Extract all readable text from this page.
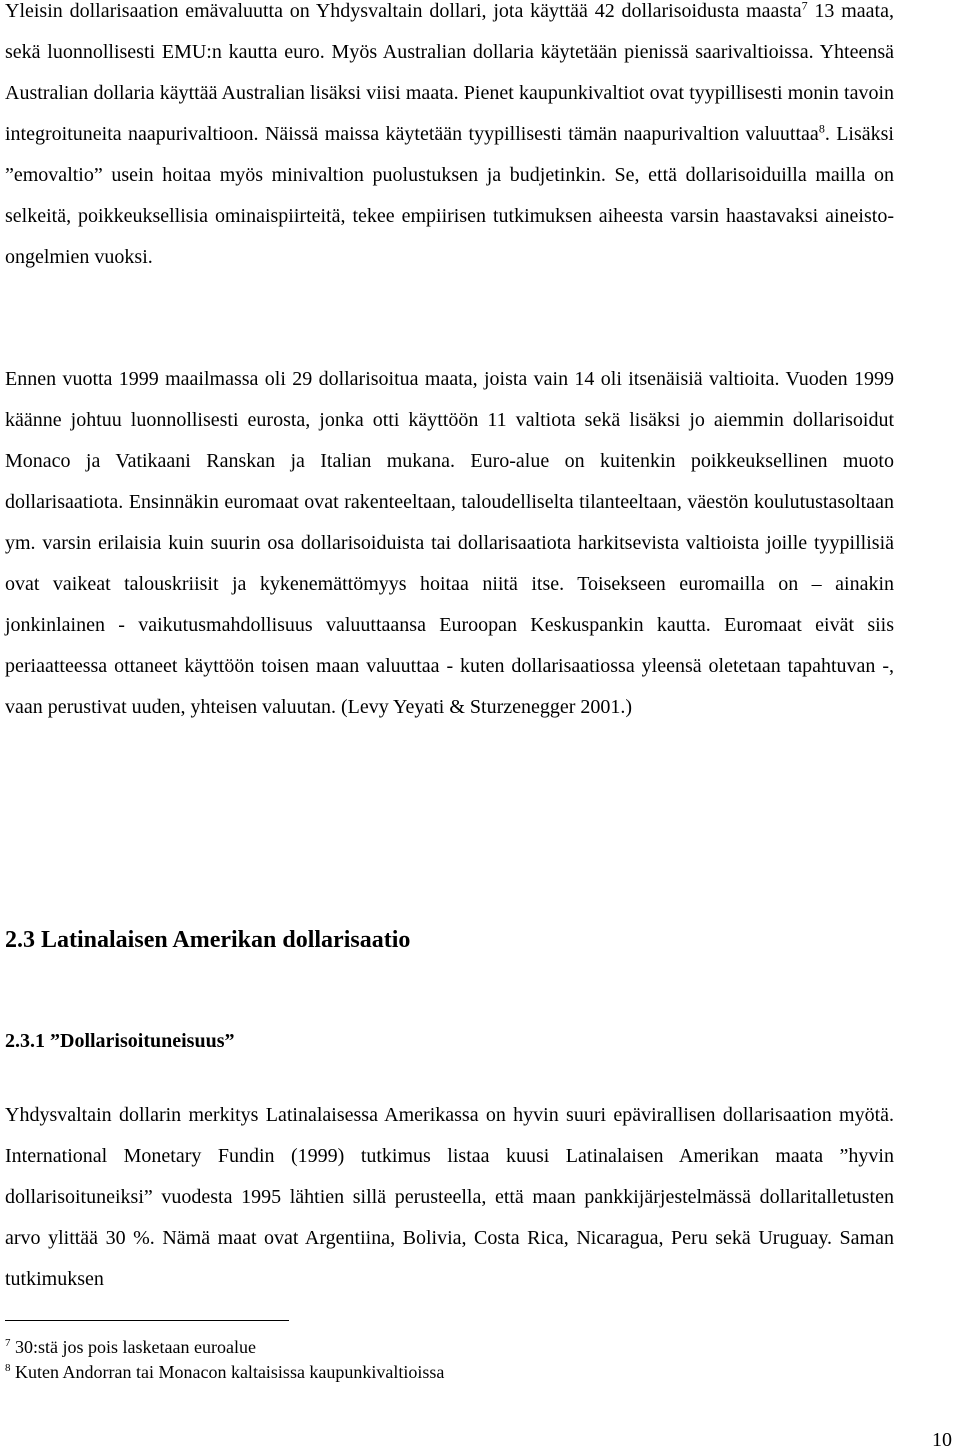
Yleisin dollarisaation emävaluutta on Yhdysvaltain dollari, jota käyttää 42 dollarisoidusta maasta$^7$ 13 maata, sekä luonnollisesti EMU:n kautta euro. Myös Australian dollaria käytetään pienissä saarivaltioissa. Yhteensä Australian dollaria käyttää Australian lisäksi viisi maata. Pienet kaupunkivaltiot ovat tyypillisesti monin tavoin integroituneita naapurivaltioon. Näissä maissa käytetään tyypillisesti tämän naapurivaltion valuuttaa$^8$. Lisäksi ”emovaltio” usein hoitaa myös minivaltion puolustuksen ja budjetinkin. Se, että dollarisoiduilla mailla on selkeitä, poikkeuksellisia ominaispiirteitä, tekee empiirisen tutkimuksen aiheesta varsin haastavaksi aineisto-ongelmien vuoksi.

Ennen vuotta 1999 maailmassa oli 29 dollarisoitua maata, joista vain 14 oli itsenäisiä valtioita. Vuoden 1999 käänne johtuu luonnollisesti eurosta, jonka otti käyttöön 11 valtiota sekä lisäksi jo aiemmin dollarisoidut Monaco ja Vatikaani Ranskan ja Italian mukana. Euro-alue on kuitenkin poikkeuksellinen muoto dollarisaatiota. Ensinnäkin euromaat ovat rakenteeltaan, taloudelliselta tilanteeltaan, väestön koulutustasoltaan ym. varsin erilaisia kuin suurin osa dollarisoiduista tai dollarisaatiota harkitsevista valtioista joille tyypillisiä ovat vaikeat talouskriisit ja kykenemättömyys hoitaa niitä itse. Toisekseen euromailla on – ainakin jonkinlainen - vaikutusmahdollisuus valuuttaansa Euroopan Keskuspankin kautta. Euromaat eivät siis periaatteessa ottaneet käyttöön toisen maan valuuttaa - kuten dollarisaatiossa yleensä oletetaan tapahtuvan -, vaan perustivat uuden, yhteisen valuutan. (Levy Yeyati & Sturzenegger 2001.)

2.3 Latinalaisen Amerikan dollarisaatio
2.3.1 ”Dollarisoituneisuus”

Yhdysvaltain dollarin merkitys Latinalaisessa Amerikassa on hyvin suuri epävirallisen dollarisaation myötä. International Monetary Fundin (1999) tutkimus listaa kuusi Latinalaisen Amerikan maata ”hyvin dollarisoituneiksi” vuodesta 1995 lähtien sillä perusteella, että maan pankkijärjestelmässä dollaritalletusten arvo ylittää 30 %. Nämä maat ovat Argentiina, Bolivia, Costa Rica, Nicaragua, Peru sekä Uruguay. Saman tutkimuksen

$^7$ 30:stä jos pois lasketaan euroalue

$^8$ Kuten Andorran tai Monacon kaltaisissa kaupunkivaltioissa

10
